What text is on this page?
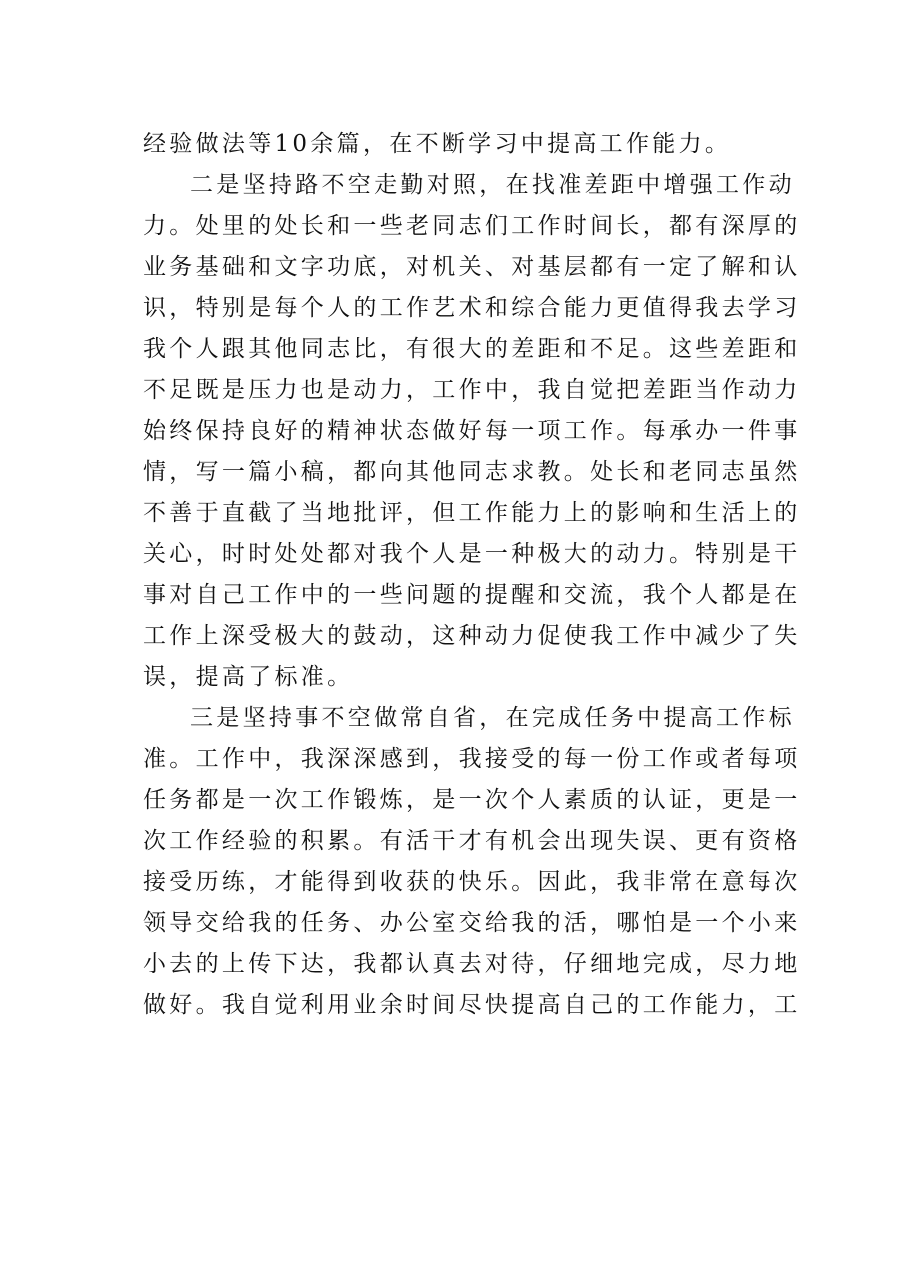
经验做法等10余篇，在不断学习中提高工作能力。
二是坚持路不空走勤对照，在找准差距中增强工作动
力。处里的处长和一些老同志们工作时间长，都有深厚的
业务基础和文字功底，对机关、对基层都有一定了解和认
识，特别是每个人的工作艺术和综合能力更值得我去学习
我个人跟其他同志比，有很大的差距和不足。这些差距和
不足既是压力也是动力，工作中，我自觉把差距当作动力
始终保持良好的精神状态做好每一项工作。每承办一件事
情，写一篇小稿，都向其他同志求教。处长和老同志虽然
不善于直截了当地批评，但工作能力上的影响和生活上的
关心，时时处处都对我个人是一种极大的动力。特别是干
事对自己工作中的一些问题的提醒和交流，我个人都是在
工作上深受极大的鼓动，这种动力促使我工作中减少了失
误，提高了标准。
三是坚持事不空做常自省，在完成任务中提高工作标
准。工作中，我深深感到，我接受的每一份工作或者每项
任务都是一次工作锻炼，是一次个人素质的认证，更是一
次工作经验的积累。有活干才有机会出现失误、更有资格
接受历练，才能得到收获的快乐。因此，我非常在意每次
领导交给我的任务、办公室交给我的活，哪怕是一个小来
小去的上传下达，我都认真去对待，仔细地完成，尽力地
做好。我自觉利用业余时间尽快提高自己的工作能力，工
